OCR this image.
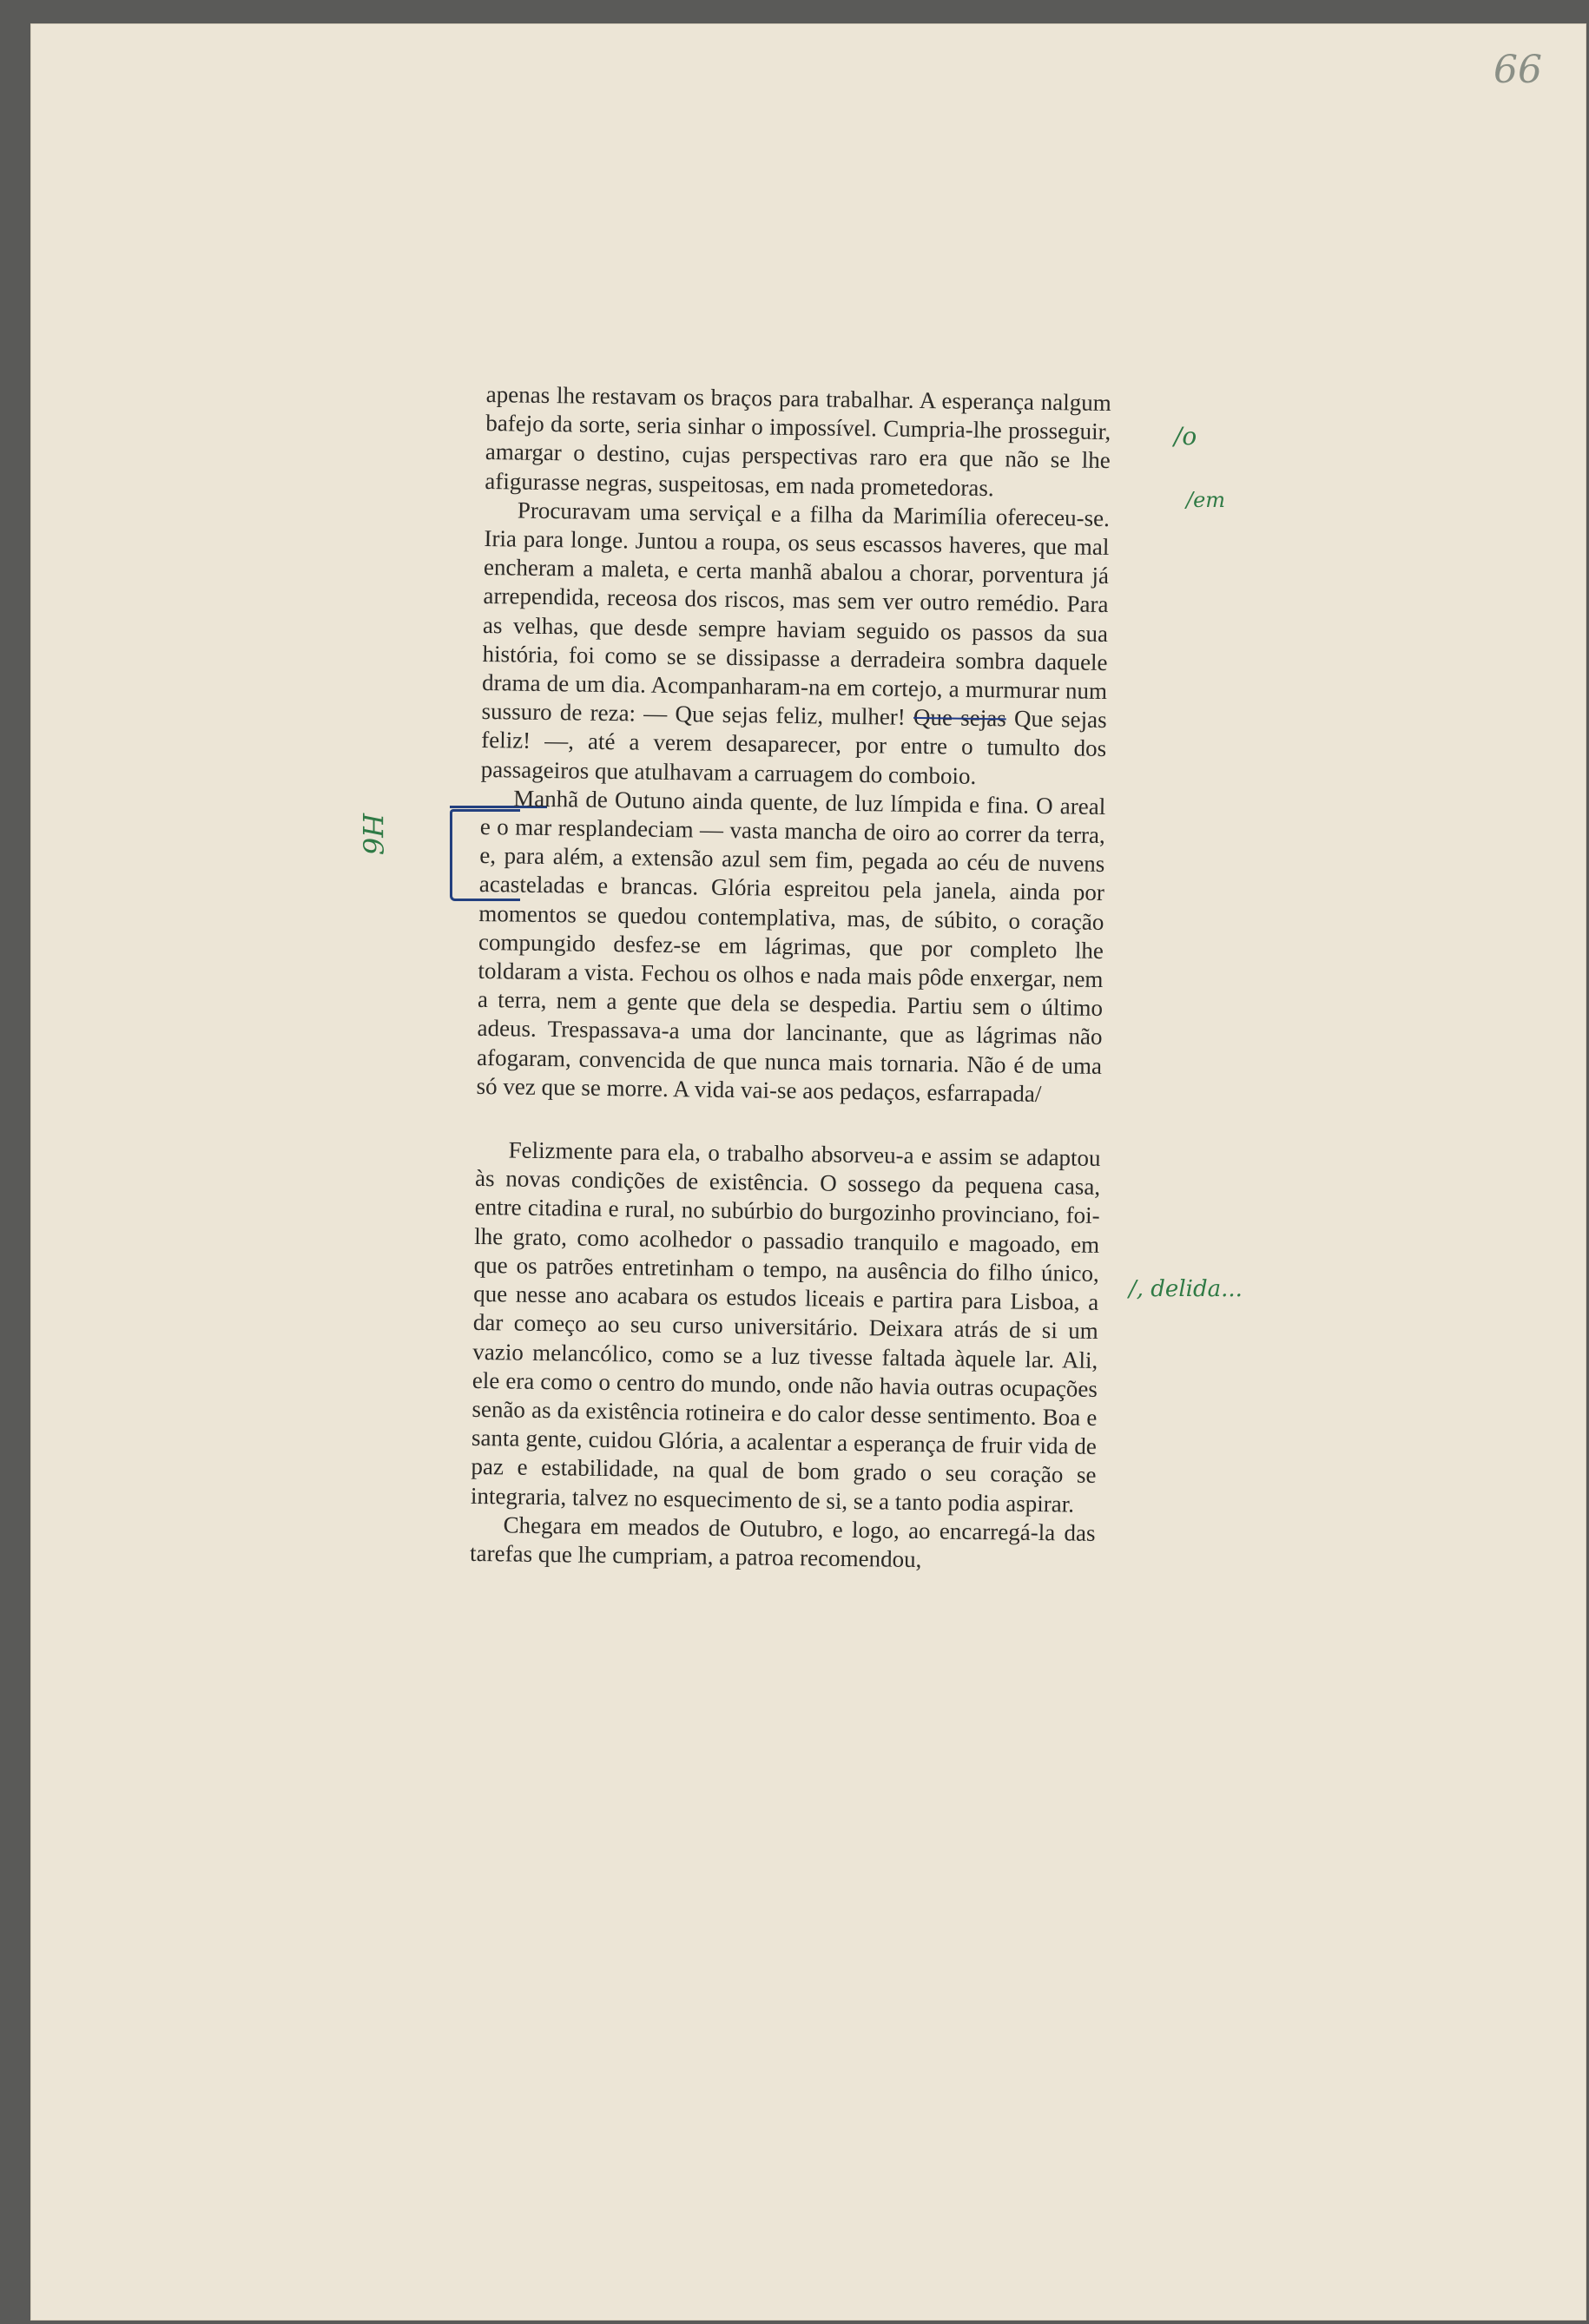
66
/o
/em
/, delida...
H6

apenas lhe restavam os braços para trabalhar. A esperança nalgum bafejo da sorte, seria sinhar o impossível. Cumpria-lhe prosseguir, amargar o destino, cujas perspectivas raro era que não se lhe afigurasse negras, suspeitosas, em nada prometedoras.

Procuravam uma serviçal e a filha da Marimília ofereceu-se. Iria para longe. Juntou a roupa, os seus escassos haveres, que mal encheram a maleta, e certa manhã abalou a chorar, porventura já arrependida, receosa dos riscos, mas sem ver outro remédio. Para as velhas, que desde sempre haviam seguido os passos da sua história, foi como se se dissipasse a derradeira sombra daquele drama de um dia. Acompanharam-na em cortejo, a murmurar num sussuro de reza: — Que sejas feliz, mulher! Que sejas Que sejas feliz! —, até a verem desaparecer, por entre o tumulto dos passageiros que atulhavam a carruagem do comboio.

Manhã de Outuno ainda quente, de luz límpida e fina. O areal e o mar resplandeciam — vasta mancha de oiro ao correr da terra, e, para além, a extensão azul sem fim, pegada ao céu de nuvens acasteladas e brancas. Glória espreitou pela janela, ainda por momentos se quedou contemplativa, mas, de súbito, o coração compungido desfez-se em lágrimas, que por completo lhe toldaram a vista. Fechou os olhos e nada mais pôde enxergar, nem a terra, nem a gente que dela se despedia. Partiu sem o último adeus. Trespassava-a uma dor lancinante, que as lágrimas não afogaram, convencida de que nunca mais tornaria. Não é de uma só vez que se morre. A vida vai-se aos pedaços, esfarrapada/

Felizmente para ela, o trabalho absorveu-a e assim se adaptou às novas condições de existência. O sossego da pequena casa, entre citadina e rural, no subúrbio do burgozinho provinciano, foi-lhe grato, como acolhedor o passadio tranquilo e magoado, em que os patrões entretinham o tempo, na ausência do filho único, que nesse ano acabara os estudos liceais e partira para Lisboa, a dar começo ao seu curso universitário. Deixara atrás de si um vazio melancólico, como se a luz tivesse faltada àquele lar. Ali, ele era como o centro do mundo, onde não havia outras ocupações senão as da existência rotineira e do calor desse sentimento. Boa e santa gente, cuidou Glória, a acalentar a esperança de fruir vida de paz e estabilidade, na qual de bom grado o seu coração se integraria, talvez no esquecimento de si, se a tanto podia aspirar.

Chegara em meados de Outubro, e logo, ao encarregá-la das tarefas que lhe cumpriam, a patroa recomendou,
